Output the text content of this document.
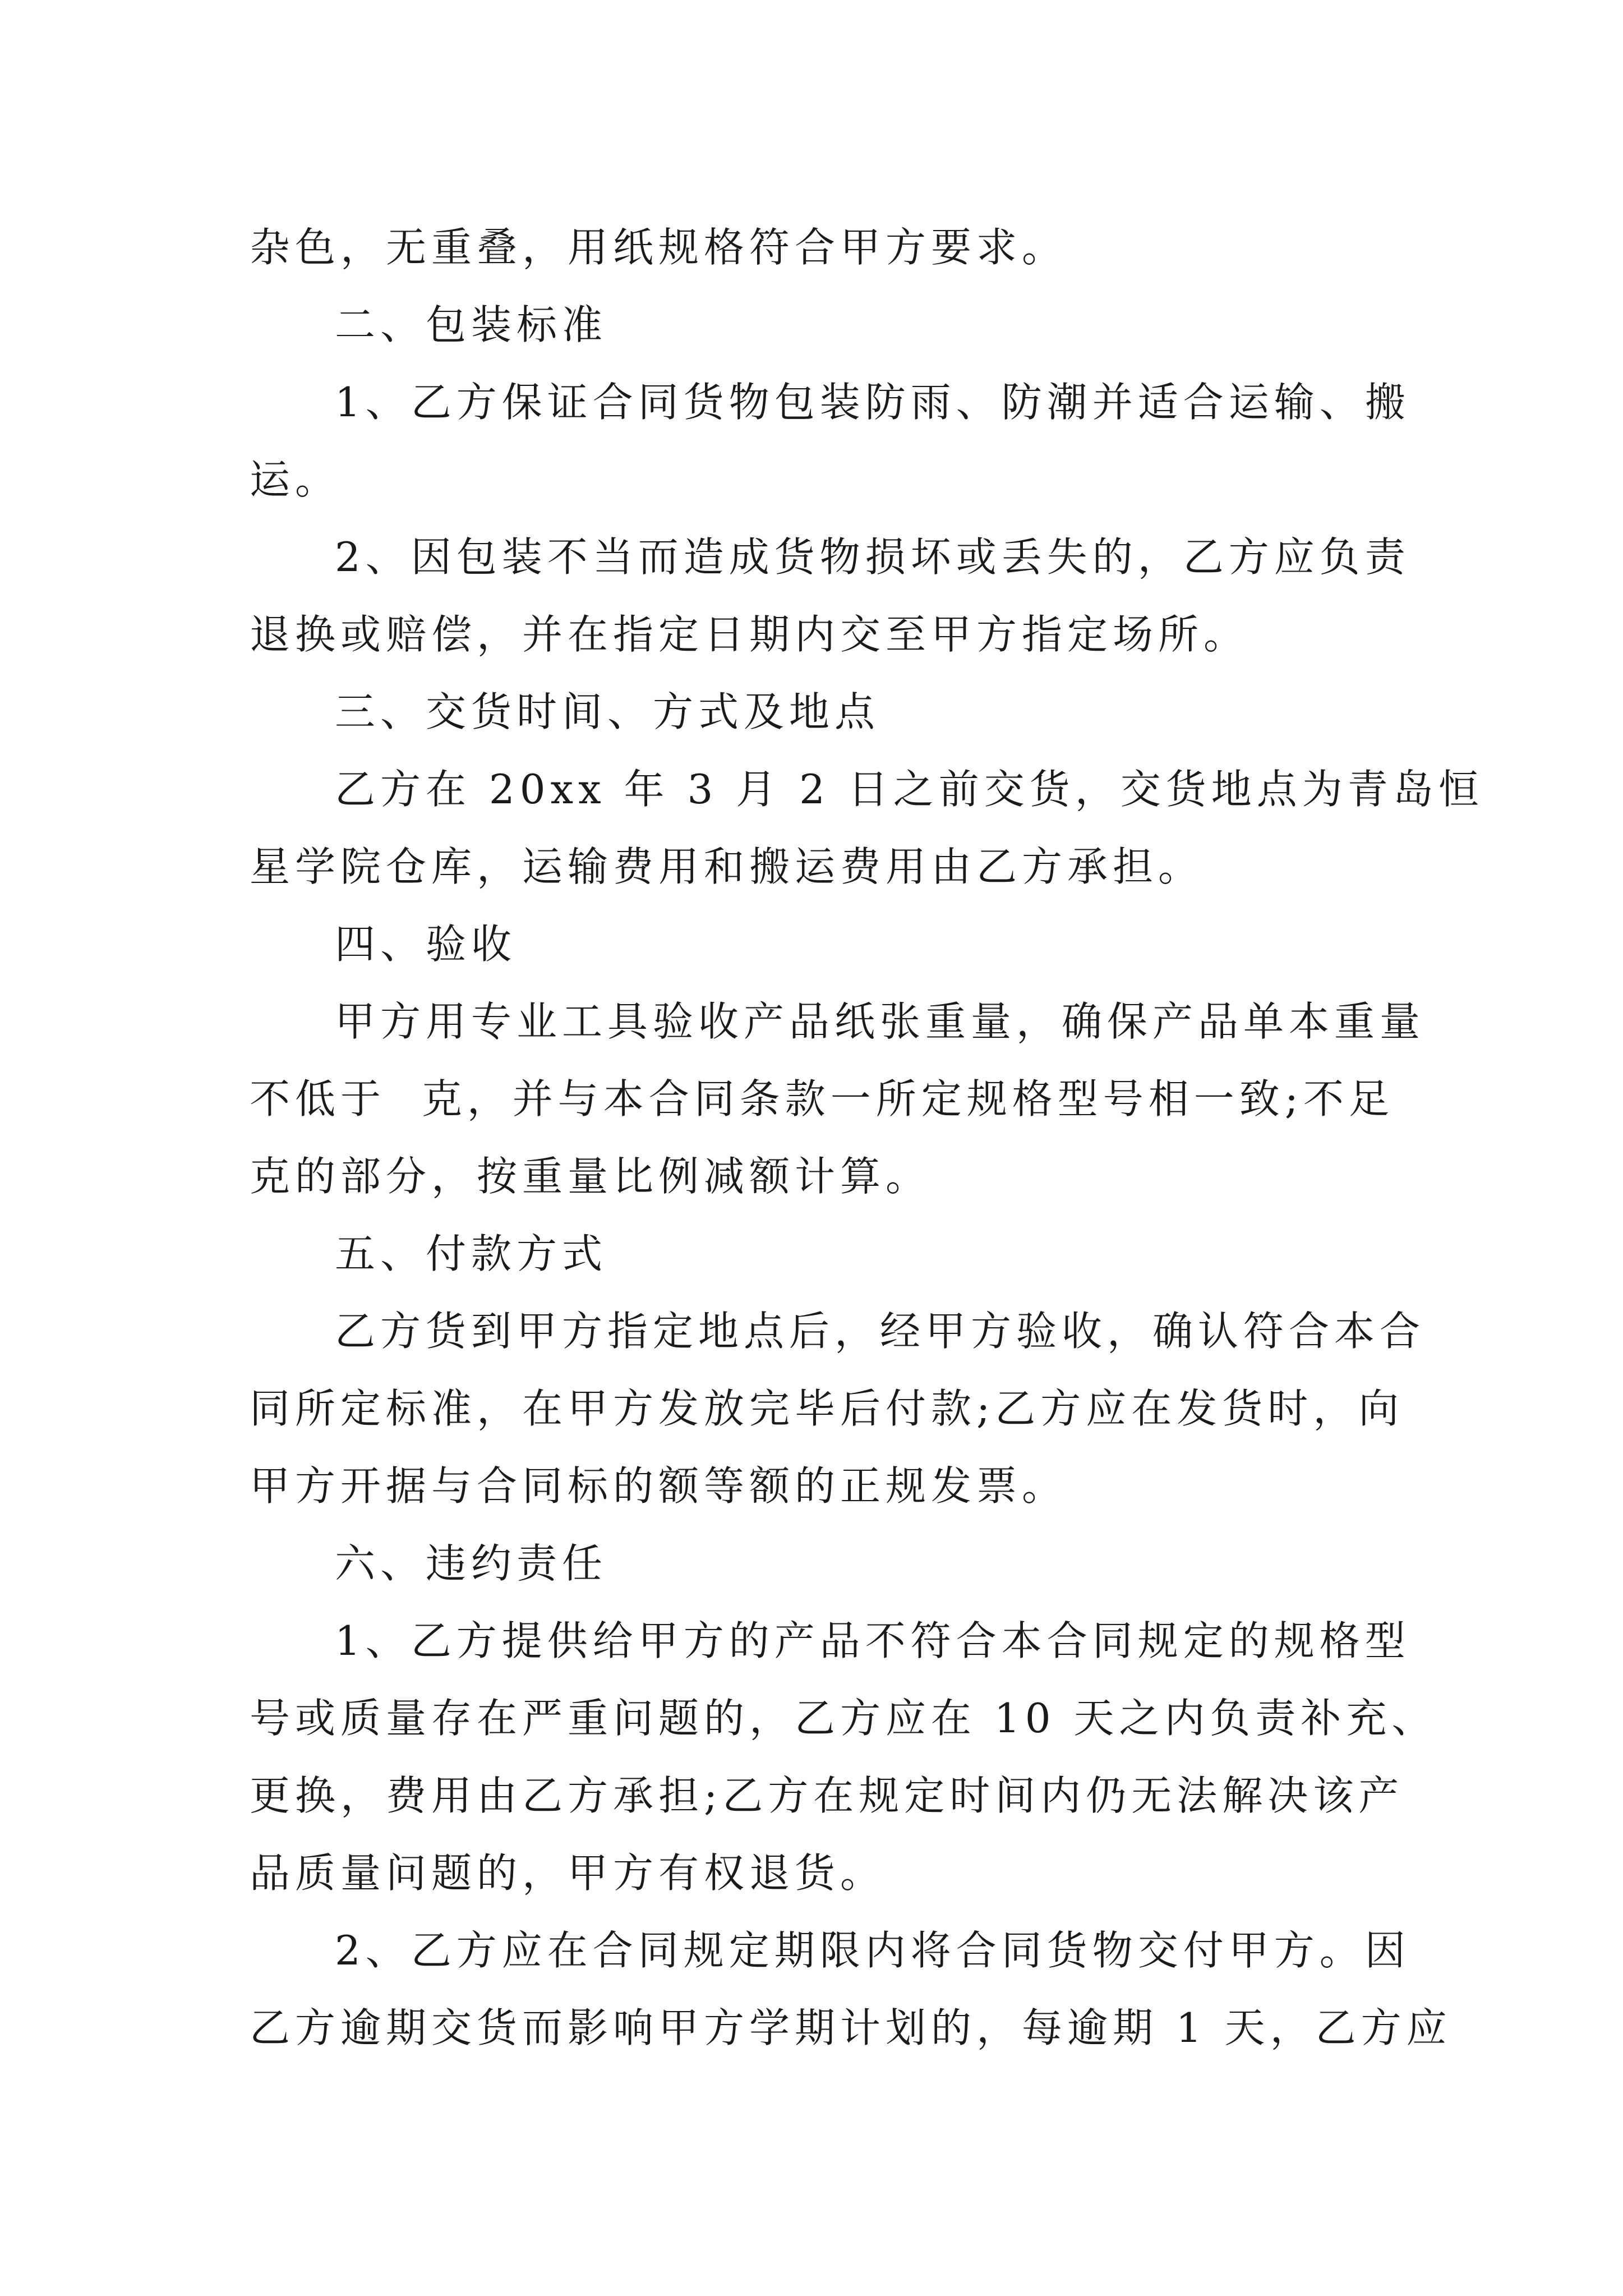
杂色，无重叠，用纸规格符合甲方要求。
二、包装标准
1、乙方保证合同货物包装防雨、防潮并适合运输、搬
运。
2、因包装不当而造成货物损坏或丢失的，乙方应负责
退换或赔偿，并在指定日期内交至甲方指定场所。
三、交货时间、方式及地点
乙方在 20xx 年 3 月 2 日之前交货，交货地点为青岛恒
星学院仓库，运输费用和搬运费用由乙方承担。
四、验收
甲方用专业工具验收产品纸张重量，确保产品单本重量
不低于  克，并与本合同条款一所定规格型号相一致;不足
克的部分，按重量比例减额计算。
五、付款方式
乙方货到甲方指定地点后，经甲方验收，确认符合本合
同所定标准，在甲方发放完毕后付款;乙方应在发货时，向
甲方开据与合同标的额等额的正规发票。
六、违约责任
1、乙方提供给甲方的产品不符合本合同规定的规格型
号或质量存在严重问题的，乙方应在 10 天之内负责补充、
更换，费用由乙方承担;乙方在规定时间内仍无法解决该产
品质量问题的，甲方有权退货。
2、乙方应在合同规定期限内将合同货物交付甲方。因
乙方逾期交货而影响甲方学期计划的，每逾期 1 天，乙方应
